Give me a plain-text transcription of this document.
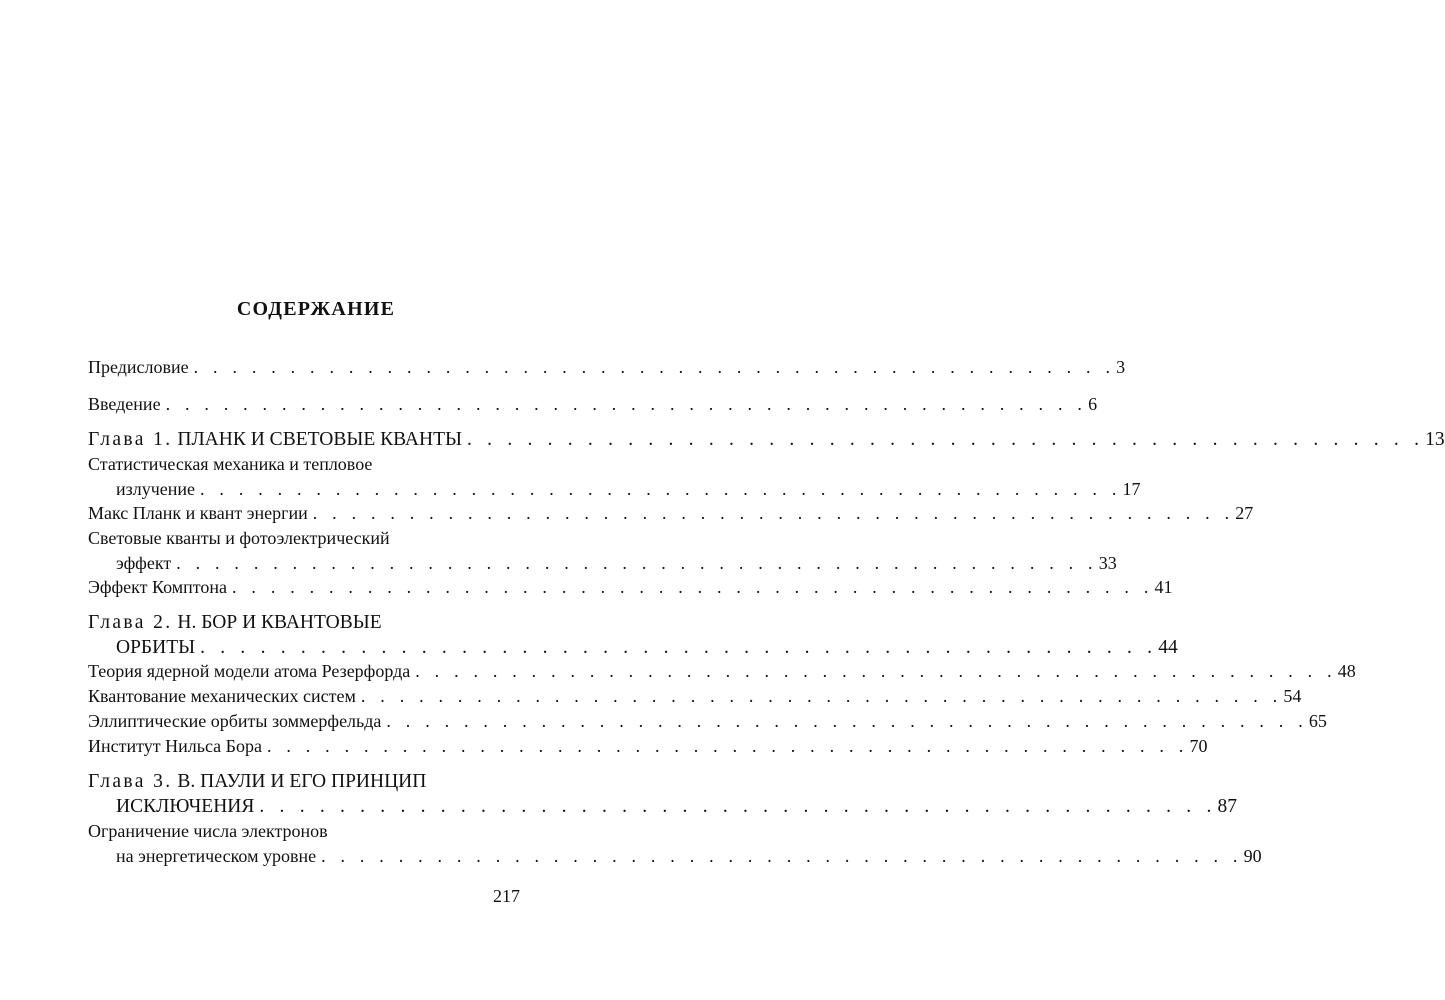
СОДЕРЖАНИЕ
Предисловие . . . . . . . . . . . . . . . . . . . . . . . . . . . . . . . . . . . . . . . . . . . . . . . . 3
Введение . . . . . . . . . . . . . . . . . . . . . . . . . . . . . . . . . . . . . . . . . . . . . . . . 6
Глава 1. ПЛАНК И СВЕТОВЫЕ КВАНТЫ . . . . . . . . . . . . . . . . . . . . . . . . . . . . . . . . . . . . . . . . . . . . . . . . 13
Статистическая механика и тепловое
излучение . . . . . . . . . . . . . . . . . . . . . . . . . . . . . . . . . . . . . . . . . . . . . . . . 17
Макс Планк и квант энергии . . . . . . . . . . . . . . . . . . . . . . . . . . . . . . . . . . . . . . . . . . . . . . . . 27
Световые кванты и фотоэлектрический
эффект . . . . . . . . . . . . . . . . . . . . . . . . . . . . . . . . . . . . . . . . . . . . . . . . 33
Эффект Комптона . . . . . . . . . . . . . . . . . . . . . . . . . . . . . . . . . . . . . . . . . . . . . . . . 41
Глава 2. Н. БОР И КВАНТОВЫЕ
ОРБИТЫ . . . . . . . . . . . . . . . . . . . . . . . . . . . . . . . . . . . . . . . . . . . . . . . . 44
Теория ядерной модели атома Резерфорда . . . . . . . . . . . . . . . . . . . . . . . . . . . . . . . . . . . . . . . . . . . . . . . . 48
Квантование механических систем . . . . . . . . . . . . . . . . . . . . . . . . . . . . . . . . . . . . . . . . . . . . . . . . 54
Эллиптические орбиты зоммерфельда . . . . . . . . . . . . . . . . . . . . . . . . . . . . . . . . . . . . . . . . . . . . . . . . 65
Институт Нильса Бора . . . . . . . . . . . . . . . . . . . . . . . . . . . . . . . . . . . . . . . . . . . . . . . . 70
Глава 3. В. ПАУЛИ И ЕГО ПРИНЦИП
ИСКЛЮЧЕНИЯ . . . . . . . . . . . . . . . . . . . . . . . . . . . . . . . . . . . . . . . . . . . . . . . . 87
Ограничение числа электронов
на энергетическом уровне . . . . . . . . . . . . . . . . . . . . . . . . . . . . . . . . . . . . . . . . . . . . . . . . 90
217
